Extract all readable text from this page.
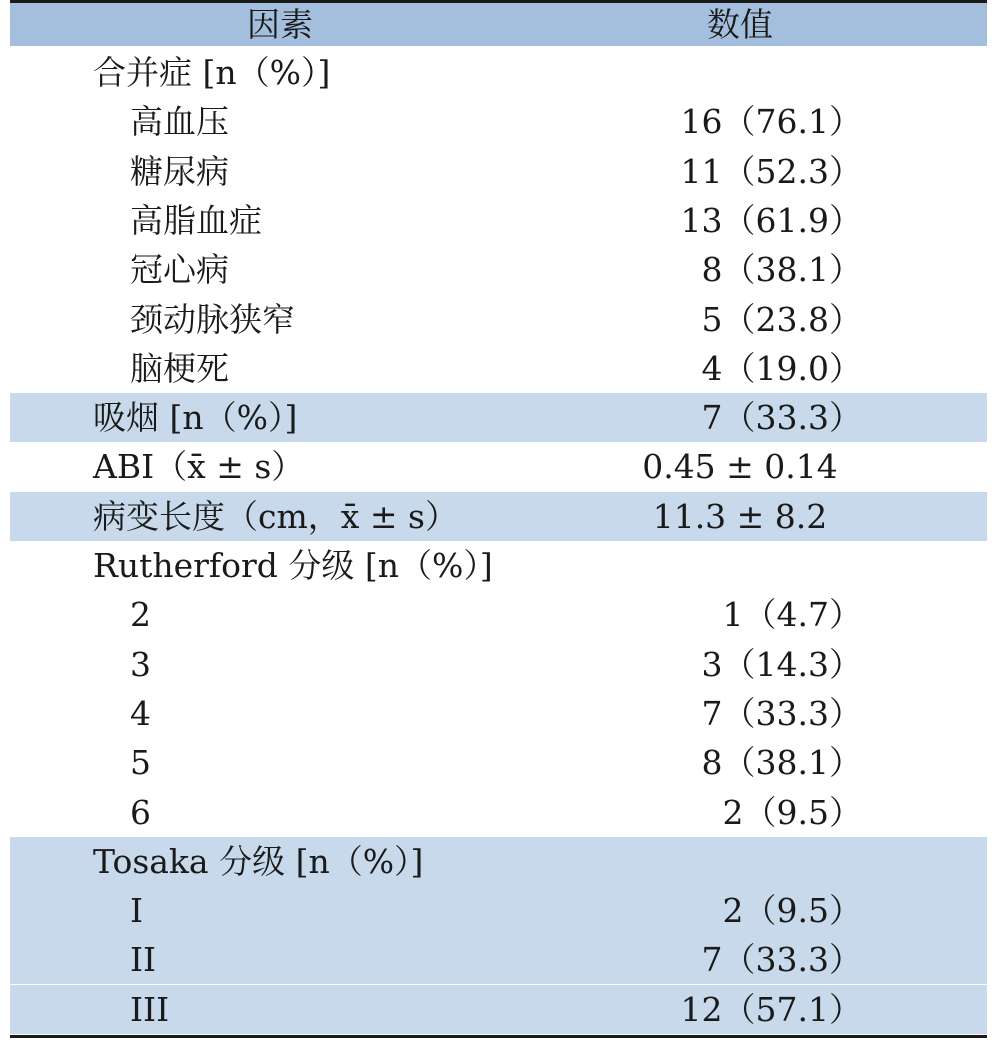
因素	数值
合并症 [n（%）]
高血压	16（76.1）
糖尿病	11（52.3）
高脂血症	13（61.9）
冠心病	8（38.1）
颈动脉狭窄	5（23.8）
脑梗死	4（19.0）
吸烟 [n（%）]	7（33.3）
ABI（x̄ ± s）	0.45 ± 0.14
病变长度（cm，x̄ ± s）	11.3 ± 8.2
Rutherford 分级 [n（%）]
2	1（4.7）
3	3（14.3）
4	7（33.3）
5	8（38.1）
6	2（9.5）
Tosaka 分级 [n（%）]
I	2（9.5）
II	7（33.3）
III	12（57.1）
